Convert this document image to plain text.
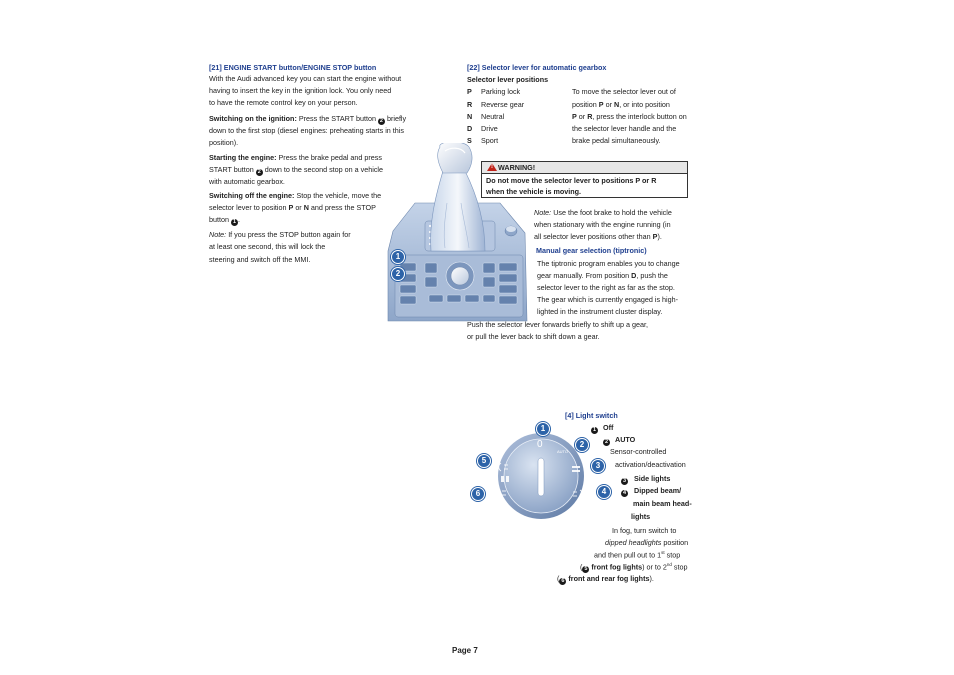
[21] ENGINE START button/ENGINE STOP button
With the Audi advanced key you can start the engine without
having to insert the key in the ignition lock. You only need
to have the remote control key on your person.
Switching on the ignition: Press the START button 2 briefly
down to the first stop (diesel engines: preheating starts in this
position).
Starting the engine: Press the brake pedal and press
START button 2 down to the second stop on a vehicle
with automatic gearbox.
Switching off the engine: Stop the vehicle, move the
selector lever to position P or N and press the STOP
button 1 .
Note: If you press the STOP button again for
at least one second, this will lock the
steering and switch off the MMI.	1
2
[22] Selector lever for automatic gearbox
Selector lever positions
P Parking lock
R Reverse gear
N Neutral
D Drive
S Sport
To move the selector lever out of
position P or N, or into position
P or R, press the interlock button on
the selector lever handle and the
brake pedal simultaneously.
!
WARNING!
Do not move the selector lever to positions P or R
when the vehicle is moving.
Note: Use the foot brake to hold the vehicle
when stationary with the engine running (in
all selector lever positions other than P).
Manual gear selection (tiptronic)
The tiptronic program enables you to change
gear manually. From position D, push the
selector lever to the right as far as the stop.
The gear which is currently engaged is high-
lighted in the instrument cluster display.
Push the selector lever forwards briefly to shift up a gear,
or pull the lever back to shift down a gear.
0
AUTO
1
2
3
4
5
6
[4] Light switch
1 Off
2 AUTO
Sensor-controlled
activation/deactivation
3 Side lights
4 Dipped beam/
main beam head-
lights
In fog, turn switch to
dipped headlights position
and then pull out to 1st stop
( 5 front fog lights) or to 2nd stop
( 6 front and rear fog lights).
Page 7
